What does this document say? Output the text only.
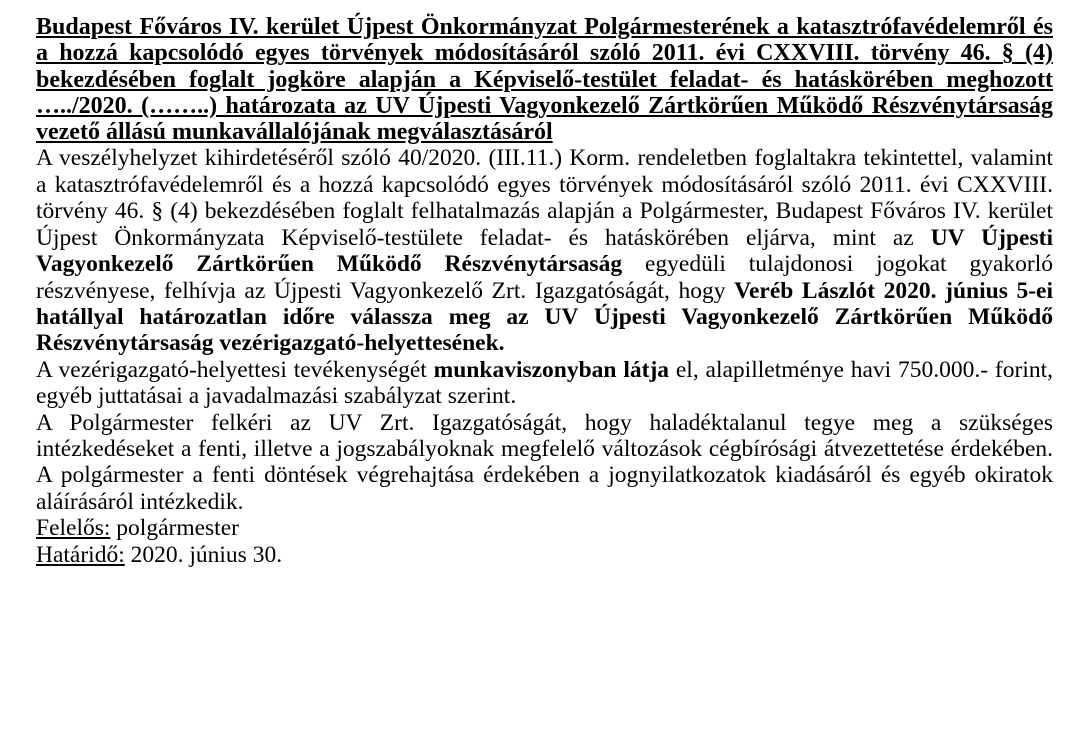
Budapest Főváros IV. kerület Újpest Önkormányzat Polgármesterének a katasztrófavédelemről és a hozzá kapcsolódó egyes törvények módosításáról szóló 2011. évi CXXVIII. törvény 46. § (4) bekezdésében foglalt jogköre alapján a Képviselő-testület feladat- és hatáskörében meghozott …../2020. (……..) határozata az UV Újpesti Vagyonkezelő Zártkörűen Működő Részvénytársaság vezető állású munkavállalójának megválasztásáról

A veszélyhelyzet kihirdetéséről szóló 40/2020. (III.11.) Korm. rendeletben foglaltakra tekintettel, valamint a katasztrófavédelemről és a hozzá kapcsolódó egyes törvények módosításáról szóló 2011. évi CXXVIII. törvény 46. § (4) bekezdésében foglalt felhatalmazás alapján a Polgármester, Budapest Főváros IV. kerület Újpest Önkormányzata Képviselő-testülete feladat- és hatáskörében eljárva, mint az UV Újpesti Vagyonkezelő Zártkörűen Működő Részvénytársaság egyedüli tulajdonosi jogokat gyakorló részvényese, felhívja az Újpesti Vagyonkezelő Zrt. Igazgatóságát, hogy Veréb Lászlót 2020. június 5-ei hatállyal határozatlan időre válassza meg az UV Újpesti Vagyonkezelő Zártkörűen Működő Részvénytársaság vezérigazgató-helyettesének.

A vezérigazgató-helyettesi tevékenységét munkaviszonyban látja el, alapilletménye havi 750.000.- forint, egyéb juttatásai a javadalmazási szabályzat szerint.

A Polgármester felkéri az UV Zrt. Igazgatóságát, hogy haladéktalanul tegye meg a szükséges intézkedéseket a fenti, illetve a jogszabályoknak megfelelő változások cégbírósági átvezettetése érdekében. A polgármester a fenti döntések végrehajtása érdekében a jognyilatkozatok kiadásáról és egyéb okiratok aláírásáról intézkedik.

Felelős: polgármester

Határidő: 2020. június 30.
